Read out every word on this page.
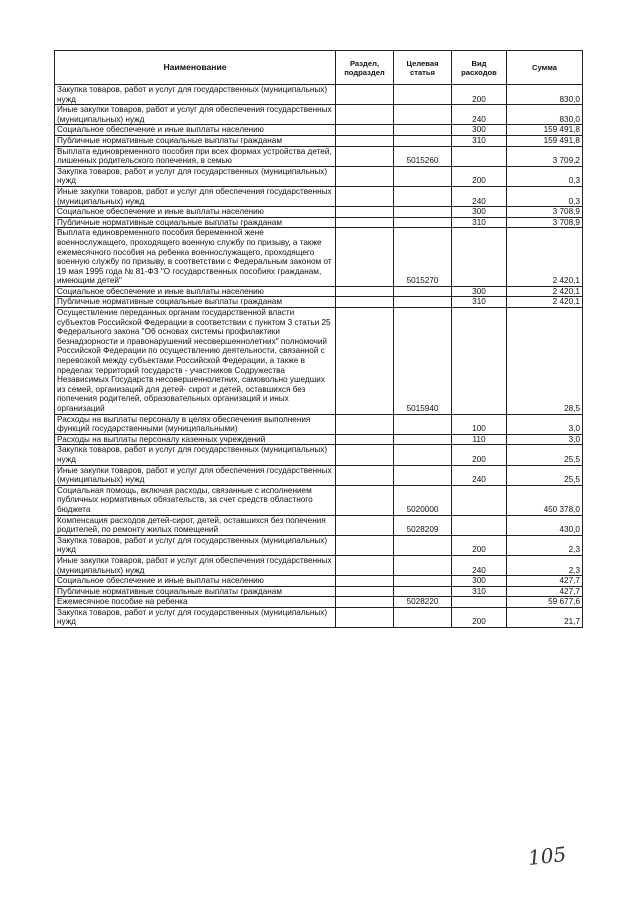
Наименование	Раздел, подраздел	Целевая статья	Вид расходов	Сумма
Закупка товаров, работ и услуг для государственных (муниципальных) нужд			200	830,0
Иные закупки товаров, работ и услуг для обеспечения государственных (муниципальных) нужд			240	830,0
Социальное обеспечение и иные выплаты населению			300	159 491,8
Публичные нормативные социальные выплаты гражданам			310	159 491,8
Выплата единовременного пособия при всех формах устройства детей, лишенных родительского попечения, в семью		5015260		3 709,2
Закупка товаров, работ и услуг для государственных (муниципальных) нужд			200	0,3
Иные закупки товаров, работ и услуг для обеспечения государственных (муниципальных) нужд			240	0,3
Социальное обеспечение и иные выплаты населению			300	3 708,9
Публичные нормативные социальные выплаты гражданам			310	3 708,9
Выплата единовременного пособия беременной жене военнослужащего, проходящего военную службу по призыву, а также ежемесячного пособия на ребенка военнослужащего, проходящего военную службу по призыву, в соответствии с Федеральным законом от 19 мая 1995 года № 81-ФЗ "О государственных пособиях гражданам, имеющим детей"		5015270		2 420,1
Социальное обеспечение и иные выплаты населению			300	2 420,1
Публичные нормативные социальные выплаты гражданам			310	2 420,1
Осуществление переданных органам государственной власти субъектов Российской Федерации в соответствии с пунктом 3 статьи 25 Федерального закона "Об основах системы профилактики безнадзорности и правонарушений несовершеннолетних" полномочий Российской Федерации по осуществлению деятельности, связанной с перевозкой между субъектами Российской Федерации, а также в пределах территорий государств - участников Содружества Независимых Государств несовершеннолетних, самовольно ушедших из семей, организаций для детей- сирот и детей, оставшихся без попечения родителей, образовательных организаций и иных организаций		5015940		28,5
Расходы на выплаты персоналу в целях обеспечения выполнения функций государственными (муниципальными)			100	3,0
Расходы на выплаты персоналу казенных учреждений			110	3,0
Закупка товаров, работ и услуг для государственных (муниципальных) нужд			200	25,5
Иные закупки товаров, работ и услуг для обеспечения государственных (муниципальных) нужд			240	25,5
Социальная помощь, включая расходы, связанные с исполнением публичных нормативных обязательств, за счет средств областного бюджета		5020000		450 378,0
Компенсация расходов детей-сирот, детей, оставшихся без попечения родителей, по ремонту жилых помещений		5028209		430,0
Закупка товаров, работ и услуг для государственных (муниципальных) нужд			200	2,3
Иные закупки товаров, работ и услуг для обеспечения государственных (муниципальных) нужд			240	2,3
Социальное обеспечение и иные выплаты населению			300	427,7
Публичные нормативные социальные выплаты гражданам			310	427,7
Ежемесячное пособие на ребенка		5028220		59 677,6
Закупка товаров, работ и услуг для государственных (муниципальных) нужд			200	21,7
105
